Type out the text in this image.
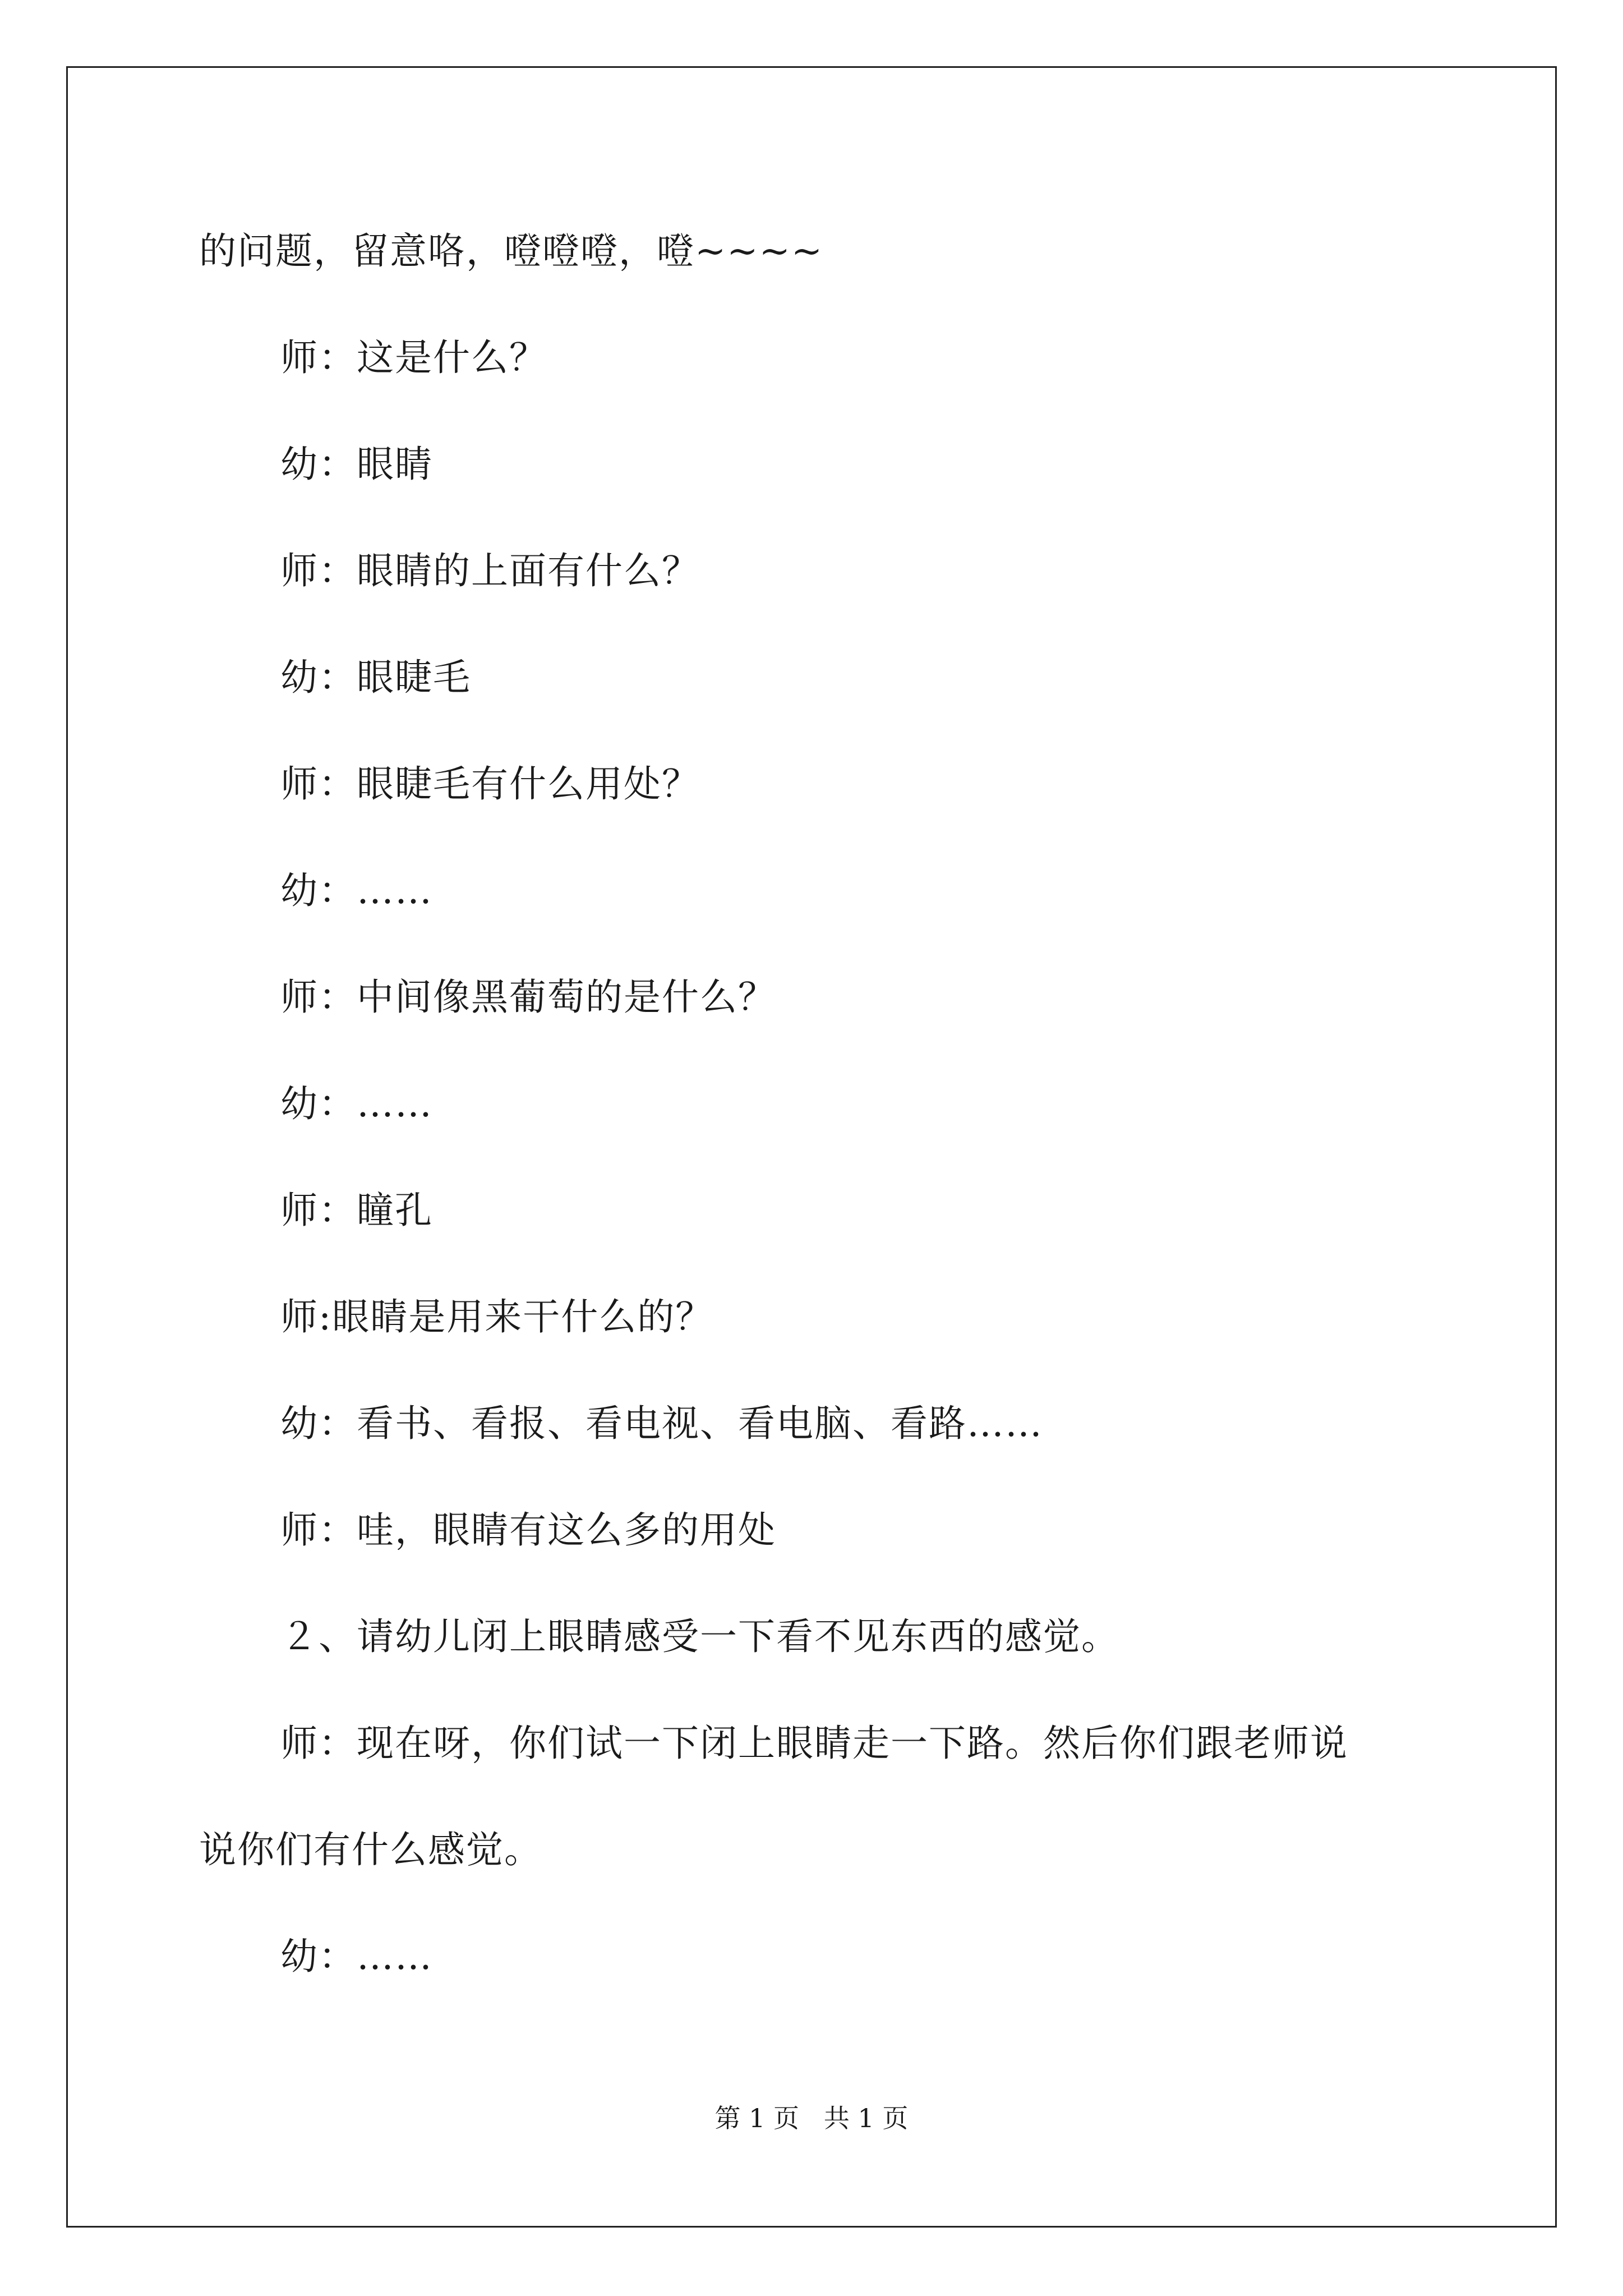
的问题，留意咯，噔噔噔，噔~~~~
师：这是什么？
幼：眼睛
师：眼睛的上面有什么？
幼：眼睫毛
师：眼睫毛有什么用处？
幼：……
师：中间像黑葡萄的是什么？
幼：……
师：瞳孔
师:眼睛是用来干什么的？
幼：看书、看报、看电视、看电脑、看路……
师：哇，眼睛有这么多的用处
２、请幼儿闭上眼睛感受一下看不见东西的感觉。
师：现在呀，你们试一下闭上眼睛走一下路。然后你们跟老师说
说你们有什么感觉。
幼：……
第 1 页   共 1 页
